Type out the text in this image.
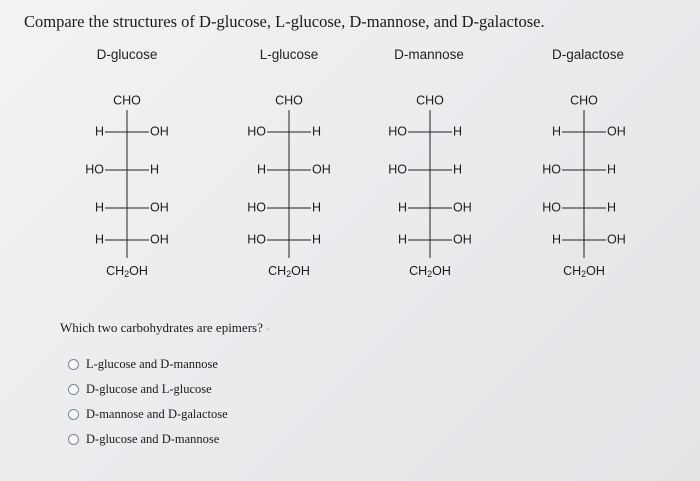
Compare the structures of D-glucose, L-glucose, D-mannose, and D-galactose.
D-glucose	L-glucose	D-mannose	D-galactose
CHO
$CH_2OH$
H	OH
HO	H
H	OH
H	OH
CHO
$CH_2OH$
HO	H
H	OH
HO	H
HO	H
CHO
$CH_2OH$
HO	H
HO	H
H	OH
H	OH
CHO
$CH_2OH$
H	OH
HO	H
HO	H
H	OH
Which two carbohydrates are epimers? -
L-glucose and D-mannose
D-glucose and L-glucose
D-mannose and D-galactose
D-glucose and D-mannose
